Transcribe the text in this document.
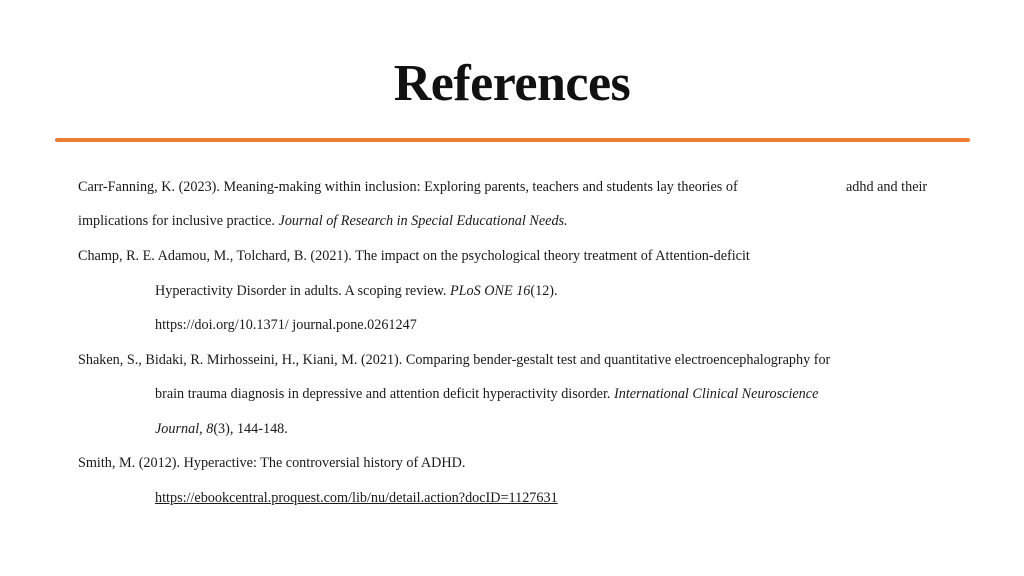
References
Carr-Fanning, K. (2023). Meaning-making within inclusion: Exploring parents, teachers and students lay theories of	adhd and their
implications for inclusive practice. Journal of Research in Special Educational Needs.
Champ, R. E. Adamou, M., Tolchard, B. (2021). The impact on the psychological theory treatment of Attention-deficit
Hyperactivity Disorder in adults. A scoping review. PLoS ONE 16(12).
https://doi.org/10.1371/ journal.pone.0261247
Shaken, S., Bidaki, R. Mirhosseini, H., Kiani, M. (2021). Comparing bender-gestalt test and quantitative electroencephalography for
brain trauma diagnosis in depressive and attention deficit hyperactivity disorder. International Clinical Neuroscience
Journal, 8(3), 144-148.
Smith, M. (2012). Hyperactive: The controversial history of ADHD.
https://ebookcentral.proquest.com/lib/nu/detail.action?docID=1127631
